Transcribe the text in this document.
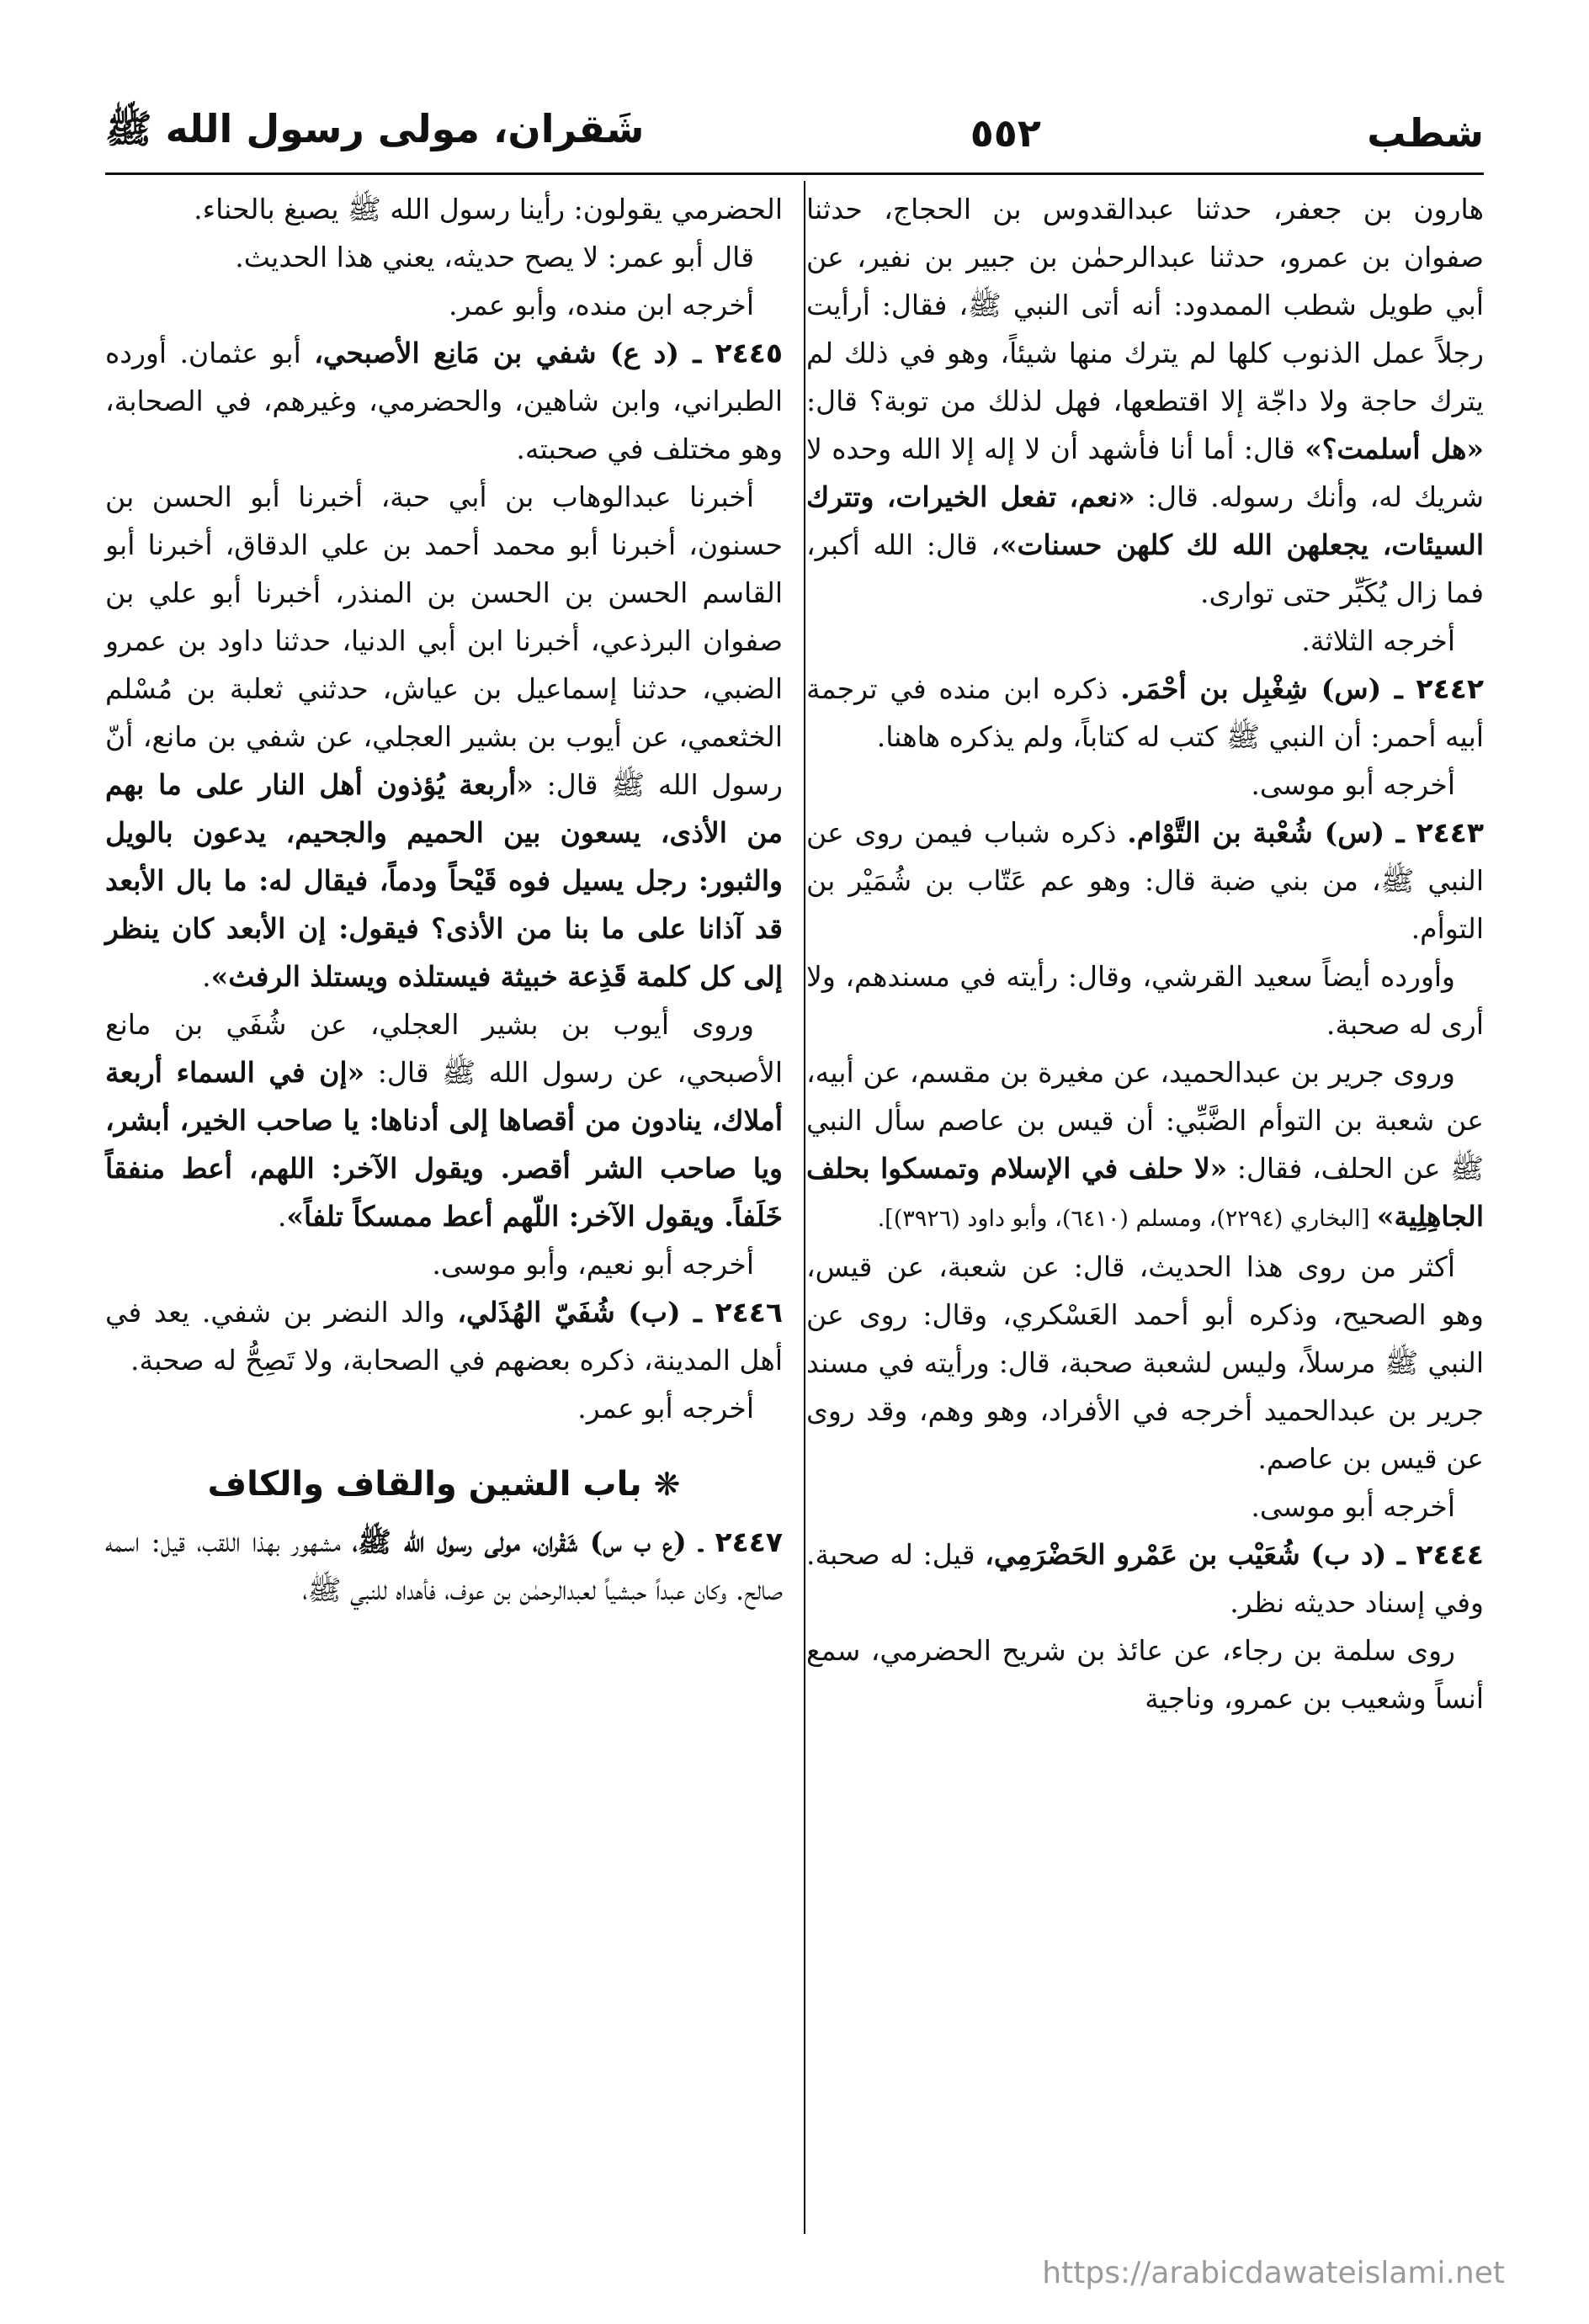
شطب
٥٥٢
شَقران، مولى رسول الله ﷺ

هارون بن جعفر، حدثنا عبدالقدوس بن الحجاج، حدثنا صفوان بن عمرو، حدثنا عبدالرحمٰن بن جبير بن نفير، عن أبي طويل شطب الممدود: أنه أتى النبي ﷺ، فقال: أرأيت رجلاً عمل الذنوب كلها لم يترك منها شيئاً، وهو في ذلك لم يترك حاجة ولا داجّة إلا اقتطعها، فهل لذلك من توبة؟ قال: «هل أسلمت؟» قال: أما أنا فأشهد أن لا إله إلا الله وحده لا شريك له، وأنك رسوله. قال: «نعم، تفعل الخيرات، وتترك السيئات، يجعلهن الله لك كلهن حسنات»، قال: الله أكبر، فما زال يُكَبِّر حتى توارى.

أخرجه الثلاثة.

٢٤٤٢ ـ (س) شِغْبِل بن أحْمَر. ذكره ابن منده في ترجمة أبيه أحمر: أن النبي ﷺ كتب له كتاباً، ولم يذكره هاهنا.

أخرجه أبو موسى.

٢٤٤٣ ـ (س) شُعْبة بن التَّوْام. ذكره شباب فيمن روى عن النبي ﷺ، من بني ضبة قال: وهو عم عَتّاب بن شُمَيْر بن التوأم.

وأورده أيضاً سعيد القرشي، وقال: رأيته في مسندهم، ولا أرى له صحبة.

وروى جرير بن عبدالحميد، عن مغيرة بن مقسم، عن أبيه، عن شعبة بن التوأم الضَّبِّي: أن قيس بن عاصم سأل النبي ﷺ عن الحلف، فقال: «لا حلف في الإسلام وتمسكوا بحلف الجاهِلِية» [البخاري (٢٢٩٤)، ومسلم (٦٤١٠)، وأبو داود (٣٩٢٦)].

أكثر من روى هذا الحديث، قال: عن شعبة، عن قيس، وهو الصحيح، وذكره أبو أحمد العَسْكري، وقال: روى عن النبي ﷺ مرسلاً، وليس لشعبة صحبة، قال: ورأيته في مسند جرير بن عبدالحميد أخرجه في الأفراد، وهو وهم، وقد روى عن قيس بن عاصم.

أخرجه أبو موسى.

٢٤٤٤ ـ (د ب) شُعَيْب بن عَمْرو الحَضْرَمِي، قيل: له صحبة. وفي إسناد حديثه نظر.

روى سلمة بن رجاء، عن عائذ بن شريح الحضرمي، سمع أنساً وشعيب بن عمرو، وناجية

الحضرمي يقولون: رأينا رسول الله ﷺ يصبغ بالحناء.

قال أبو عمر: لا يصح حديثه، يعني هذا الحديث.

أخرجه ابن منده، وأبو عمر.

٢٤٤٥ ـ (د ع) شفي بن مَانِع الأصبحي، أبو عثمان. أورده الطبراني، وابن شاهين، والحضرمي، وغيرهم، في الصحابة، وهو مختلف في صحبته.

أخبرنا عبدالوهاب بن أبي حبة، أخبرنا أبو الحسن بن حسنون، أخبرنا أبو محمد أحمد بن علي الدقاق، أخبرنا أبو القاسم الحسن بن الحسن بن المنذر، أخبرنا أبو علي بن صفوان البرذعي، أخبرنا ابن أبي الدنيا، حدثنا داود بن عمرو الضبي، حدثنا إسماعيل بن عياش، حدثني ثعلبة بن مُسْلم الخثعمي، عن أيوب بن بشير العجلي، عن شفي بن مانع، أنّ رسول الله ﷺ قال: «أربعة يُؤذون أهل النار على ما بهم من الأذى، يسعون بين الحميم والجحيم، يدعون بالويل والثبور: رجل يسيل فوه قَيْحاً ودماً، فيقال له: ما بال الأبعد قد آذانا على ما بنا من الأذى؟ فيقول: إن الأبعد كان ينظر إلى كل كلمة قَذِعة خبيثة فيستلذه ويستلذ الرفث».

وروى أيوب بن بشير العجلي، عن شُفَي بن مانع الأصبحي، عن رسول الله ﷺ قال: «إن في السماء أربعة أملاك، ينادون من أقصاها إلى أدناها: يا صاحب الخير، أبشر، ويا صاحب الشر أقصر. ويقول الآخر: اللهم، أعط منفقاً خَلَفاً. ويقول الآخر: اللّهم أعط ممسكاً تلفاً».

أخرجه أبو نعيم، وأبو موسى.

٢٤٤٦ ـ (ب) شُفَيّ الهُذَلي، والد النضر بن شفي. يعد في أهل المدينة، ذكره بعضهم في الصحابة، ولا تَصِحُّ له صحبة.

أخرجه أبو عمر.

❋ باب الشين والقاف والكاف

٢٤٤٧ ـ (ع ب س) شَقْران، مولى رسول الله ﷺ، مشهور بهذا اللقب، قيل: اسمه صالح. وكان عبداً حبشياً لعبدالرحمٰن بن عوف، فأهداه للنبي ﷺ،

https://arabicdawateislami.net
